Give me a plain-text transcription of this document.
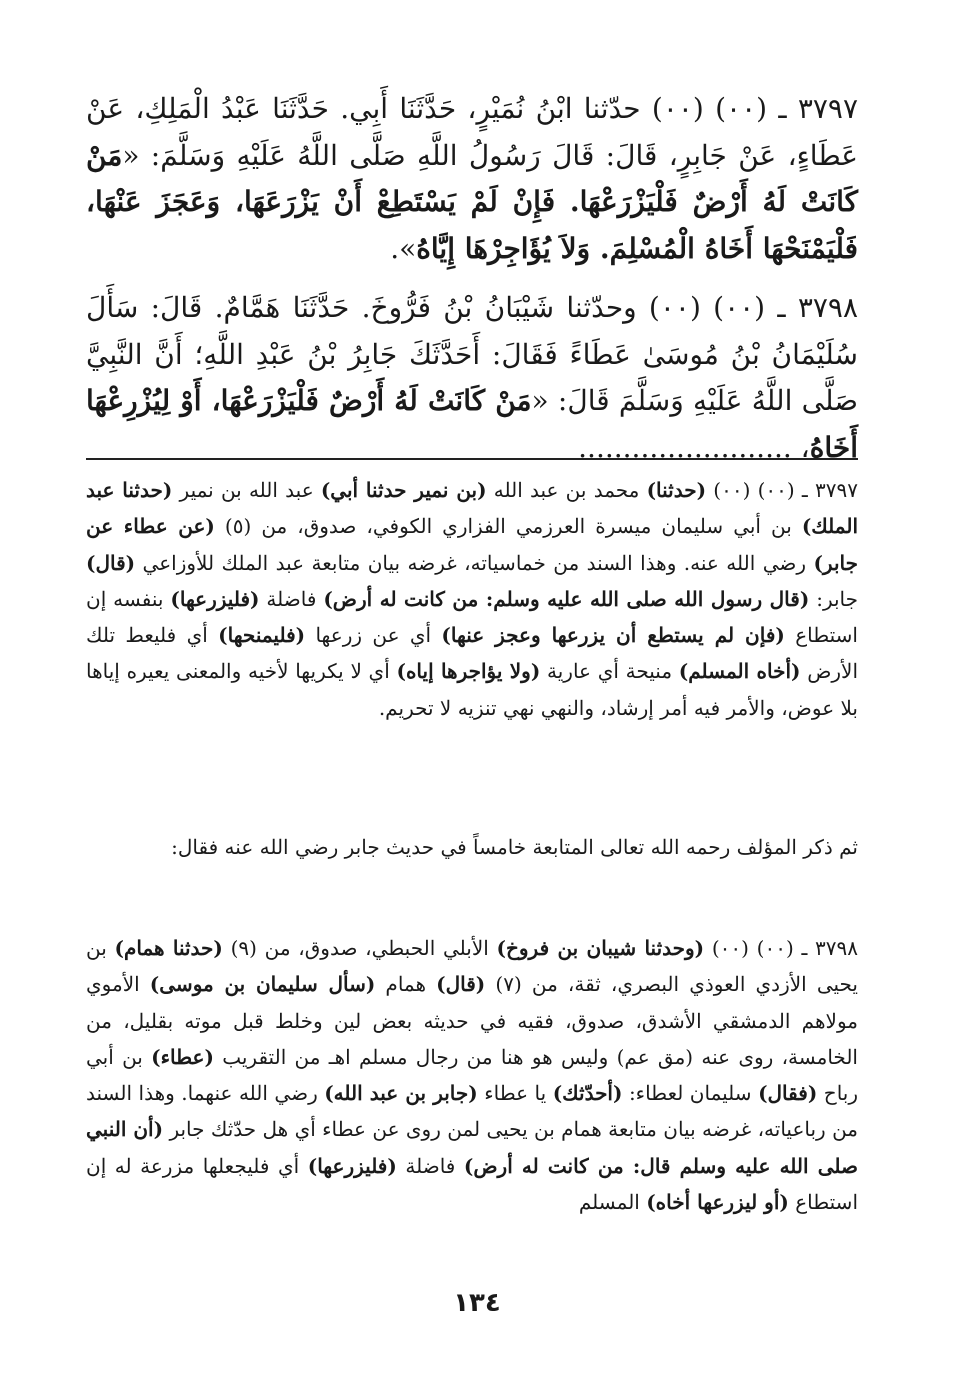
٣٧٩٧ ـ (٠٠) (٠٠) حدّثنا ابْنُ نُمَيْرٍ، حَدَّثَنَا أَبِي. حَدَّثَنَا عَبْدُ الْمَلِكِ، عَنْ عَطَاءٍ، عَنْ جَابِرٍ، قَالَ: قَالَ رَسُولُ اللَّهِ صَلَّى اللَّهُ عَلَيْهِ وَسَلَّمَ: «مَنْ كَانَتْ لَهُ أَرْضٌ فَلْيَزْرَعْهَا. فَإِنْ لَمْ يَسْتَطِعْ أَنْ يَزْرَعَهَا، وَعَجَزَ عَنْهَا، فَلْيَمْنَحْهَا أَخَاهُ الْمُسْلِمَ. وَلاَ يُؤَاجِرْهَا إِيَّاهُ».
٣٧٩٨ ـ (٠٠) (٠٠) وحدّثنا شَيْبَانُ بْنُ فَرُّوخَ. حَدَّثَنَا هَمَّامٌ. قَالَ: سَأَلَ سُلَيْمَانُ بْنُ مُوسَىٰ عَطَاءً فَقَالَ: أَحَدَّثَكَ جَابِرُ بْنُ عَبْدِ اللَّهِ؛ أَنَّ النَّبِيَّ صَلَّى اللَّهُ عَلَيْهِ وَسَلَّمَ قَالَ: «مَنْ كَانَتْ لَهُ أَرْضٌ فَلْيَزْرَعْهَا، أَوْ لِيُزْرِعْهَا أَخَاهُ، ........................
٣٧٩٧ ـ (٠٠) (٠٠) (حدثنا) محمد بن عبد الله (بن نمير حدثنا أبي) عبد الله بن نمير (حدثنا عبد الملك) بن أبي سليمان ميسرة العرزمي الفزاري الكوفي، صدوق، من (٥) (عن عطاء عن جابر) رضي الله عنه. وهذا السند من خماسياته، غرضه بيان متابعة عبد الملك للأوزاعي (قال) جابر: (قال رسول الله صلى الله عليه وسلم: من كانت له أرض) فاضلة (فليزرعها) بنفسه إن استطاع (فإن لم يستطع أن يزرعها وعجز عنها) أي عن زرعها (فليمنحها) أي فليعط تلك الأرض (أخاه المسلم) منيحة أي عارية (ولا يؤاجرها إياه) أي لا يكريها لأخيه والمعنى يعيره إياها بلا عوض، والأمر فيه أمر إرشاد، والنهي نهي تنزيه لا تحريم.
ثم ذكر المؤلف رحمه الله تعالى المتابعة خامساً في حديث جابر رضي الله عنه فقال:
٣٧٩٨ ـ (٠٠) (٠٠) (وحدثنا شيبان بن فروخ) الأبلي الحبطي، صدوق، من (٩) (حدثنا همام) بن يحيى الأزدي العوذي البصري، ثقة، من (٧) (قال) همام (سأل سليمان بن موسى) الأموي مولاهم الدمشقي الأشدق، صدوق، فقيه في حديثه بعض لين وخلط قبل موته بقليل، من الخامسة، روى عنه (مق عم) وليس هو هنا من رجال مسلم اهـ من التقريب (عطاء) بن أبي رباح (فقال) سليمان لعطاء: (أحدّثك) يا عطاء (جابر بن عبد الله) رضي الله عنهما. وهذا السند من رباعياته، غرضه بيان متابعة همام بن يحيى لمن روى عن عطاء أي هل حدّثك جابر (أن النبي صلى الله عليه وسلم قال: من كانت له أرض) فاضلة (فليزرعها) أي فليجعلها مزرعة له إن استطاع (أو ليزرعها أخاه) المسلم
١٣٤
